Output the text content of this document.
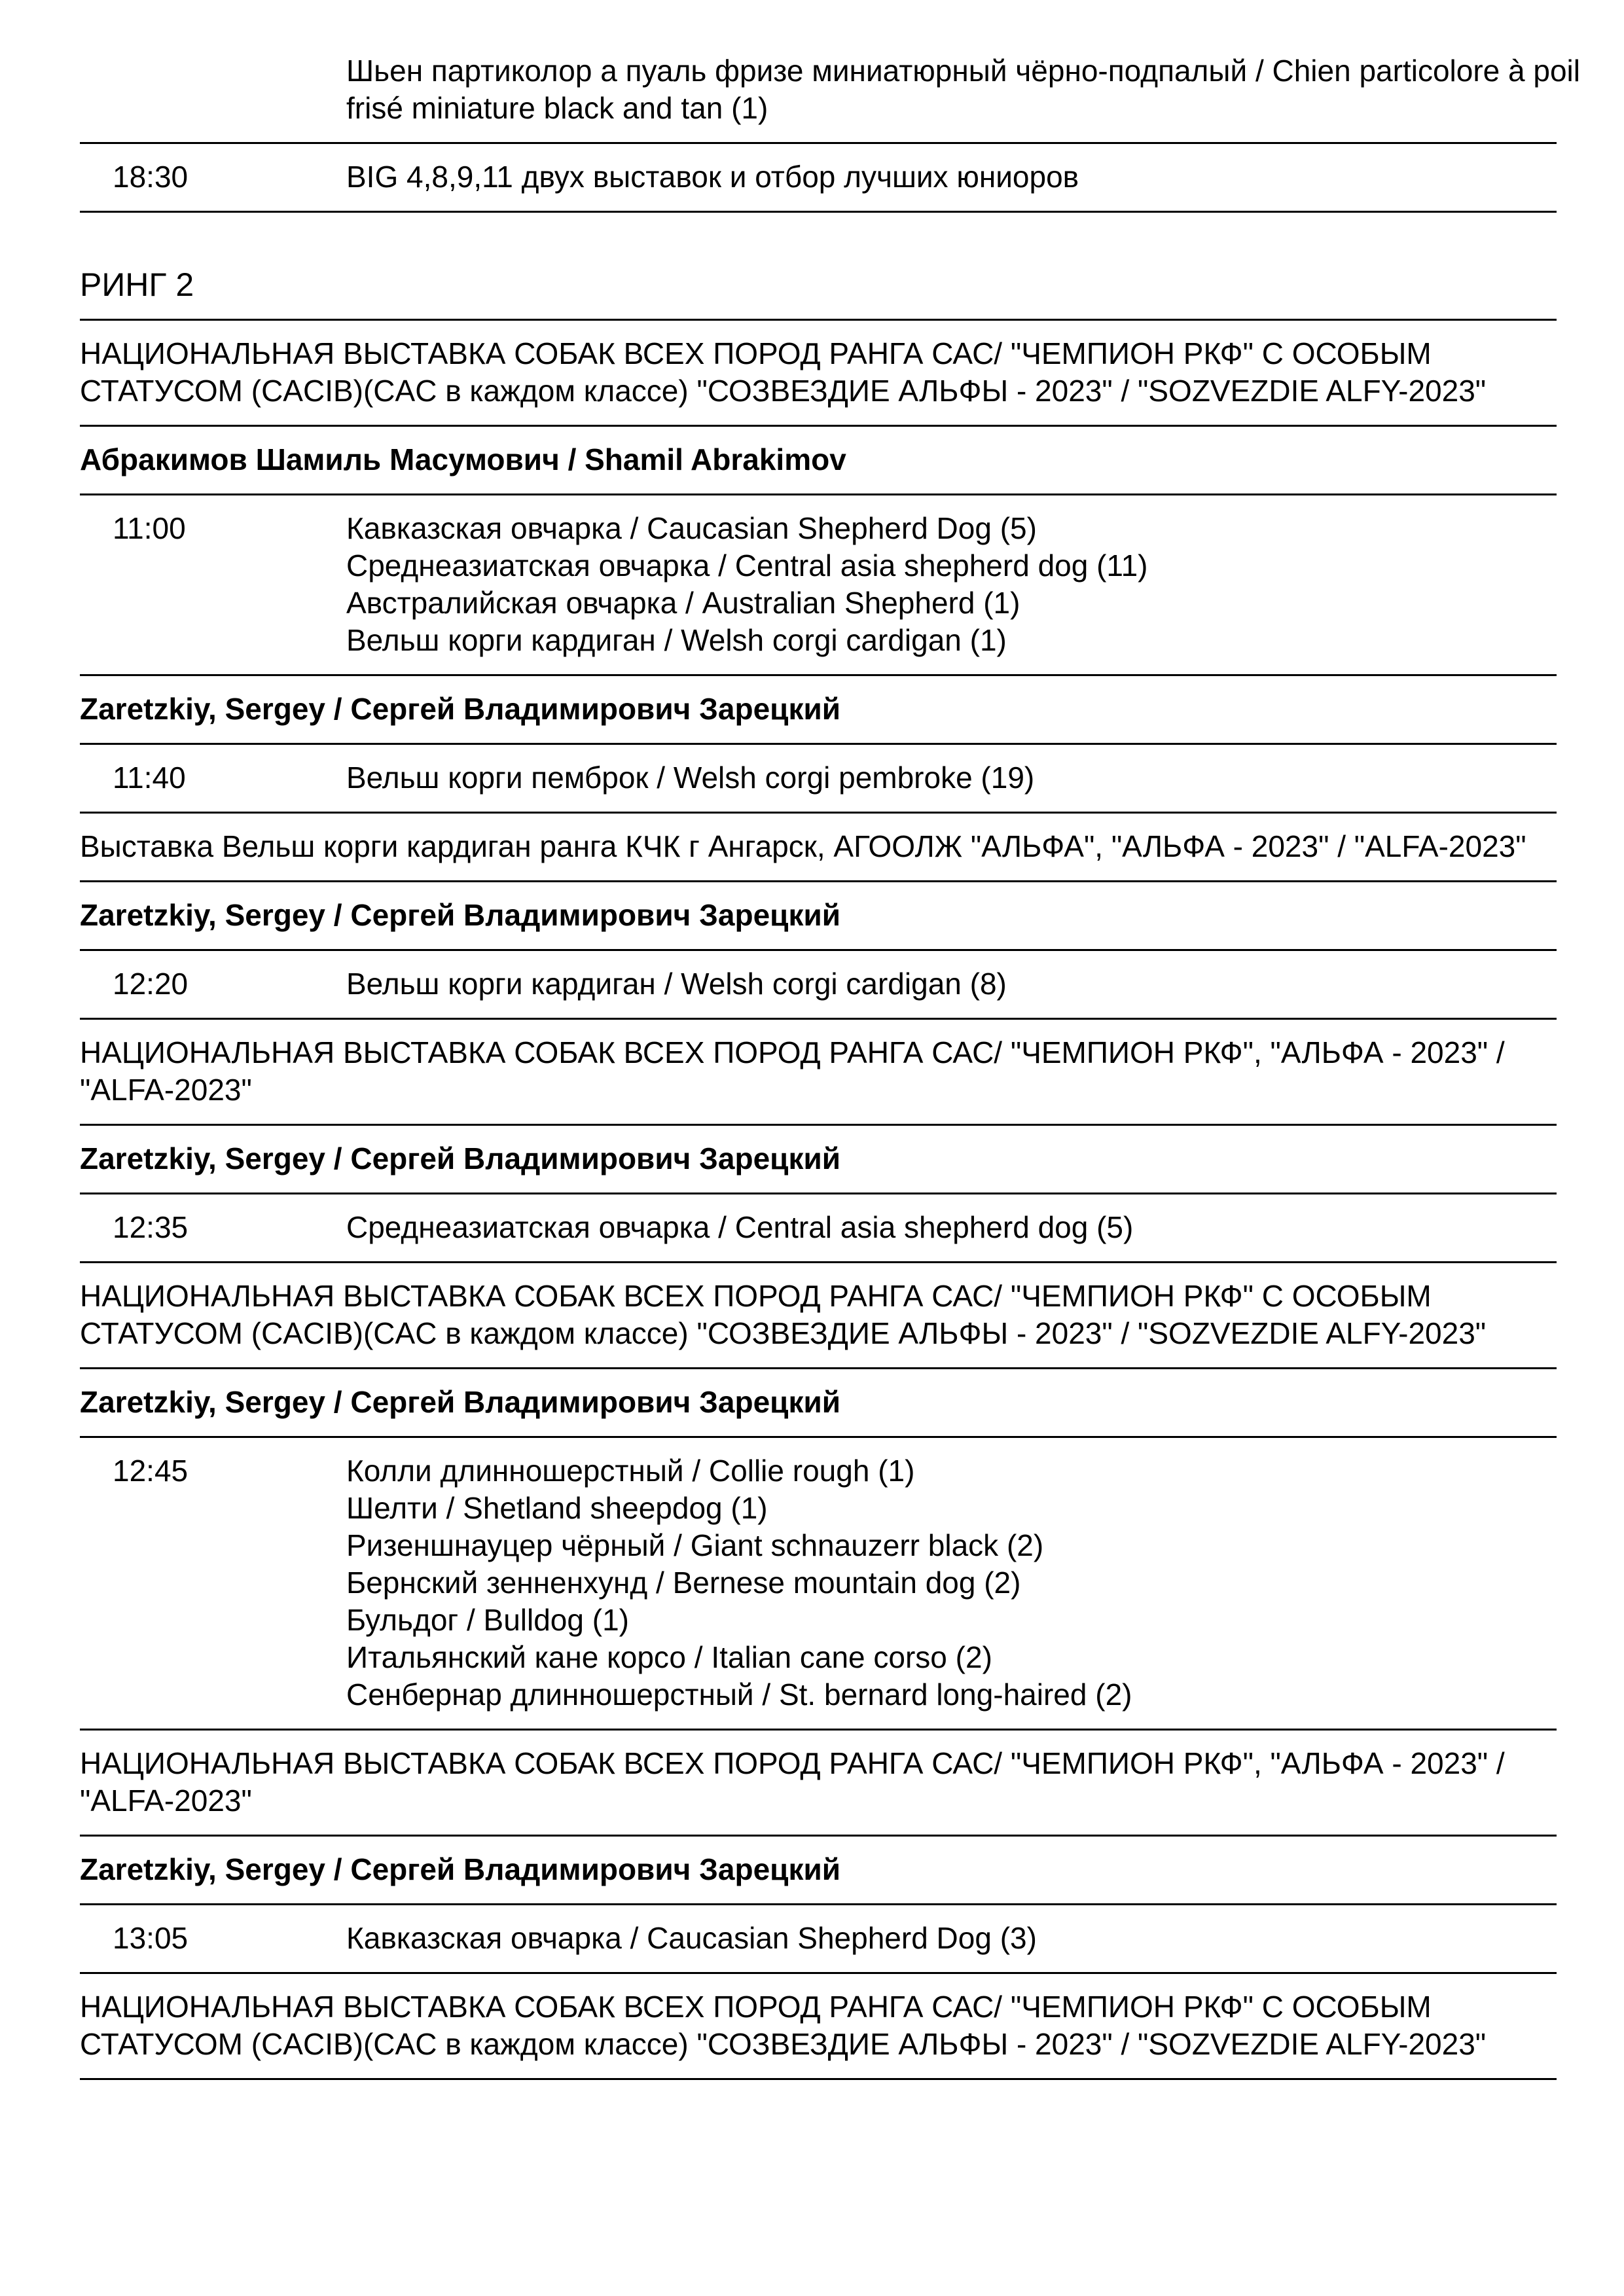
Шьен партиколор а пуаль фризе миниатюрный чёрно-подпалый / Chien particolore à poil frisé miniature black and tan (1)
18:30	BIG 4,8,9,11 двух выставок и отбор лучших юниоров
РИНГ 2
НАЦИОНАЛЬНАЯ ВЫСТАВКА СОБАК ВСЕХ ПОРОД РАНГА САС/ "ЧЕМПИОН РКФ" С ОСОБЫМ СТАТУСОМ (CACIB)(CAC в каждом классе) "СОЗВЕЗДИЕ АЛЬФЫ - 2023" / "SOZVEZDIE ALFY-2023"
Абракимов Шамиль Масумович / Shamil Abrakimov
11:00	Кавказская овчарка / Caucasian Shepherd Dog (5)
Среднеазиатская овчарка / Central asia shepherd dog (11)
Австралийская овчарка / Australian Shepherd (1)
Вельш корги кардиган / Welsh corgi cardigan (1)
Zaretzkiy, Sergey / Сергей Владимирович Зарецкий
11:40	Вельш корги пемброк / Welsh corgi pembroke (19)
Выставка Вельш корги кардиган ранга КЧК г Ангарск, АГООЛЖ "АЛЬФА", "АЛЬФА - 2023" / "ALFA-2023"
Zaretzkiy, Sergey / Сергей Владимирович Зарецкий
12:20	Вельш корги кардиган / Welsh corgi cardigan (8)
НАЦИОНАЛЬНАЯ ВЫСТАВКА СОБАК ВСЕХ ПОРОД РАНГА САС/ "ЧЕМПИОН РКФ", "АЛЬФА - 2023" / "ALFA-2023"
Zaretzkiy, Sergey / Сергей Владимирович Зарецкий
12:35	Среднеазиатская овчарка / Central asia shepherd dog (5)
НАЦИОНАЛЬНАЯ ВЫСТАВКА СОБАК ВСЕХ ПОРОД РАНГА САС/ "ЧЕМПИОН РКФ" С ОСОБЫМ СТАТУСОМ (CACIB)(CAC в каждом классе) "СОЗВЕЗДИЕ АЛЬФЫ - 2023" / "SOZVEZDIE ALFY-2023"
Zaretzkiy, Sergey / Сергей Владимирович Зарецкий
12:45	Колли длинношерстный / Collie rough (1)
Шелти / Shetland sheepdog (1)
Ризеншнауцер чёрный / Giant schnauzerr black (2)
Бернский зенненхунд / Bernese mountain dog (2)
Бульдог / Bulldog (1)
Итальянский кане корсо / Italian cane corso (2)
Сенбернар длинношерстный / St. bernard long-haired (2)
НАЦИОНАЛЬНАЯ ВЫСТАВКА СОБАК ВСЕХ ПОРОД РАНГА САС/ "ЧЕМПИОН РКФ", "АЛЬФА - 2023" / "ALFA-2023"
Zaretzkiy, Sergey / Сергей Владимирович Зарецкий
13:05	Кавказская овчарка / Caucasian Shepherd Dog (3)
НАЦИОНАЛЬНАЯ ВЫСТАВКА СОБАК ВСЕХ ПОРОД РАНГА САС/ "ЧЕМПИОН РКФ" С ОСОБЫМ СТАТУСОМ (CACIB)(CAC в каждом классе) "СОЗВЕЗДИЕ АЛЬФЫ - 2023" / "SOZVEZDIE ALFY-2023"
